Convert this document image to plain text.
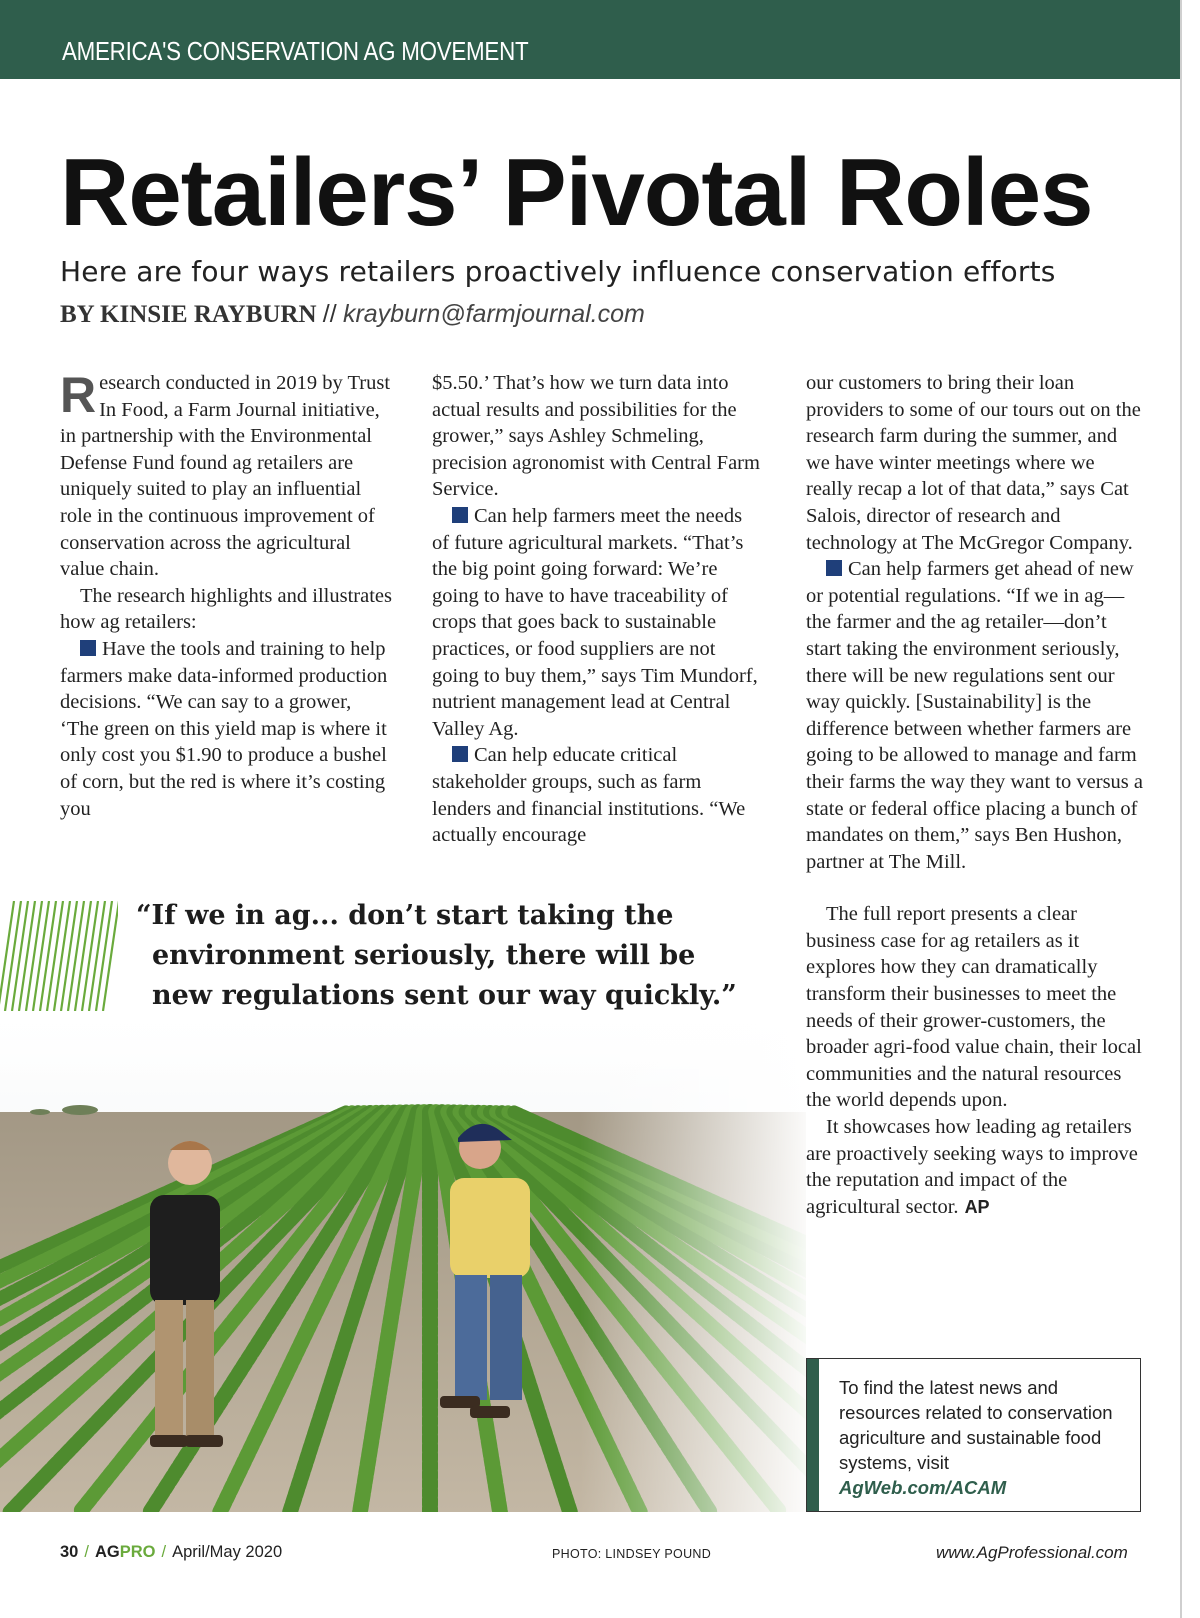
AMERICA'S CONSERVATION AG MOVEMENT
Retailers’ Pivotal Roles
Here are four ways retailers proactively influence conservation efforts
BY KINSIE RAYBURN // krayburn@farmjournal.com

Research conducted in 2019 by Trust In Food, a Farm Journal initiative, in partnership with the Environmental Defense Fund found ag retailers are uniquely suited to play an influential role in the continuous improvement of conservation across the agricultural value chain.

The research highlights and illustrates how ag retailers:

Have the tools and training to help farmers make data-informed production decisions. “We can say to a grower, ‘The green on this yield map is where it only cost you $1.90 to produce a bushel of corn, but the red is where it’s costing you

$5.50.’ That’s how we turn data into actual results and possibilities for the grower,” says Ashley Schmeling, precision agronomist with Central Farm Service.

Can help farmers meet the needs of future agricultural markets. “That’s the big point going forward: We’re going to have to have traceability of crops that goes back to sustainable practices, or food suppliers are not going to buy them,” says Tim Mundorf, nutrient management lead at Central Valley Ag.

Can help educate critical stakeholder groups, such as farm lenders and financial institutions. “We actually encourage

our customers to bring their loan providers to some of our tours out on the research farm during the summer, and we have winter meetings where we really recap a lot of that data,” says Cat Salois, director of research and technology at The McGregor Company.

Can help farmers get ahead of new or potential regulations. “If we in ag—the farmer and the ag retailer—don’t start taking the environment seriously, there will be new regulations sent our way quickly. [Sustainability] is the difference between whether farmers are going to be allowed to manage and farm their farms the way they want to versus a state or federal office placing a bunch of mandates on them,” says Ben Hushon, partner at The Mill.

The full report presents a clear business case for ag retailers as it explores how they can dramatically transform their businesses to meet the needs of their grower-customers, the broader agri-food value chain, their local communities and the natural resources the world depends upon.

It showcases how leading ag retailers are proactively seeking ways to improve the reputation and impact of the agricultural sector. AP

“If we in ag... don’t start taking the
environment seriously, there will be
new regulations sent our way quickly.”
To find the latest news and resources related to conservation agriculture and sustainable food systems, visit
AgWeb.com/ACAM
30 / AGPRO / April/May 2020	PHOTO: LINDSEY POUND	www.AgProfessional.com
